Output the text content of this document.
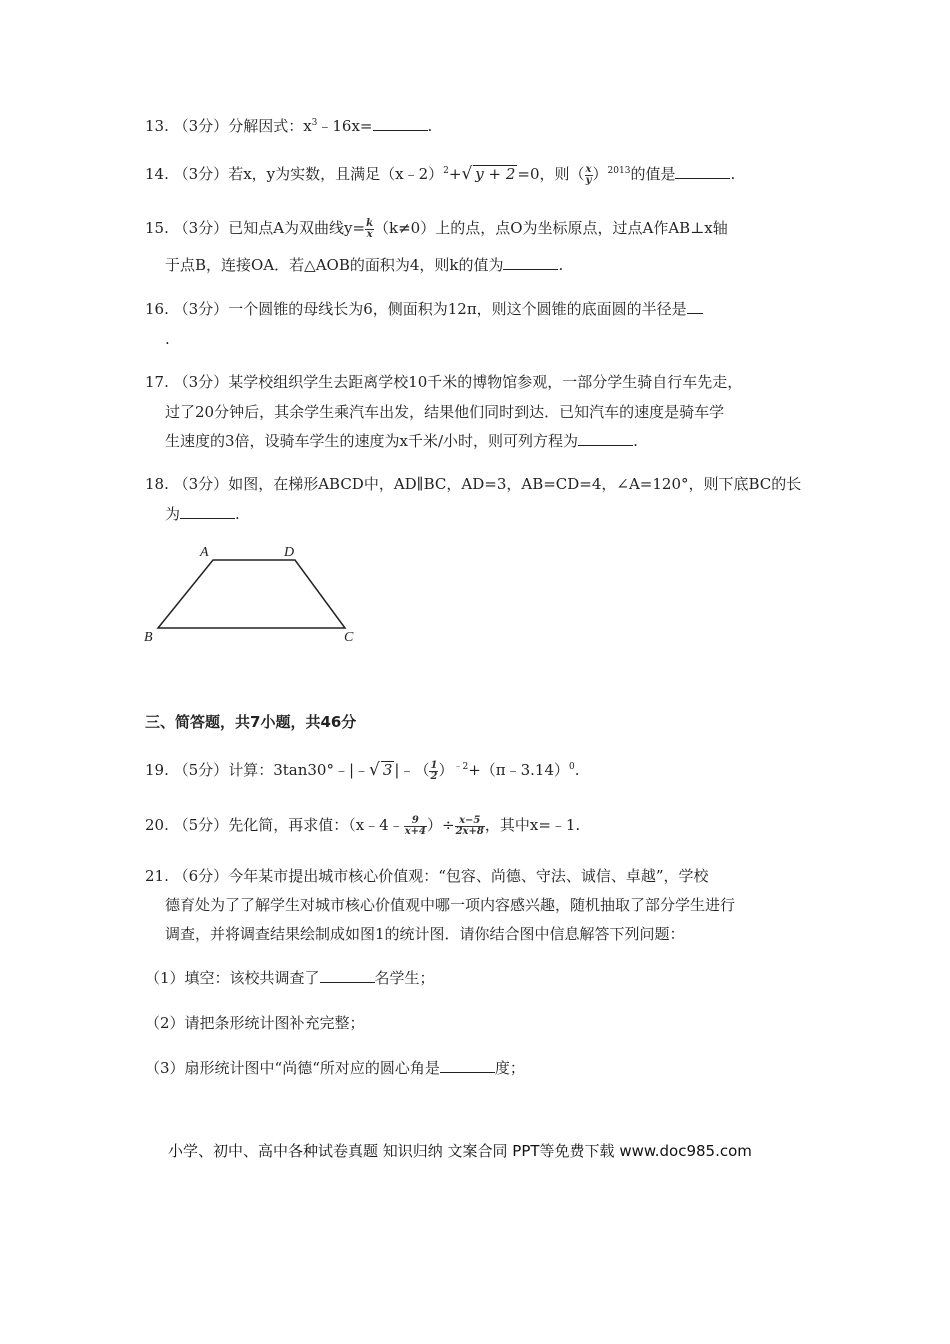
13. （3分）分解因式：$x^3﹣16x=$	.
14. （3分）若x，y为实数，且满足（x﹣2）$^2$+√ y + 2 =0，则（ $\frac{x}{y} )^{2013}$的值是	.
15. （3分）已知点A为双曲线$y= \frac{k}{x} (k\ne 0)$上的点，点O为坐标原点，过点A作AB⊥x轴
于点B，连接OA．若△AOB的面积为4，则k的值为	.
16. （3分）一个圆锥的母线长为6，侧面积为12π，则这个圆锥的底面圆的半径是
.
17. （3分）某学校组织学生去距离学校10千米的博物馆参观，一部分学生骑自行车先走，
过了20分钟后，其余学生乘汽车出发，结果他们同时到达．已知汽车的速度是骑车学
生速度的3倍，设骑车学生的速度为x千米/小时，则可列方程为	.
18. （3分）如图，在梯形ABCD中，AD∥BC，AD=3，AB=CD=4，∠A=120°，则下底BC的长
为	.
A	D
B	C
三、简答题，共7小题，共46分
19. （5分）计算：3tan30°﹣|﹣√ 3 |﹣（ $\frac{1}{2}$ ）$^{﹣2}$+（π﹣3.14）$^0$.
20. （5分）先化简，再求值：（x﹣4﹣ $\frac{9}{x+4}$ ）÷ $\frac{x-5}{2x+8}$ ，其中x=﹣1.
21. （6分）今年某市提出城市核心价值观：“包容、尚德、守法、诚信、卓越”，学校
德育处为了了解学生对城市核心价值观中哪一项内容感兴趣，随机抽取了部分学生进行
调查，并将调查结果绘制成如图1的统计图．请你结合图中信息解答下列问题：
（1）填空：该校共调查了	名学生；
（2）请把条形统计图补充完整；
（3）扇形统计图中“尚德“所对应的圆心角是	度；
小学、初中、高中各种试卷真题 知识归纳 文案合同 PPT等免费下载 www.doc985.com
